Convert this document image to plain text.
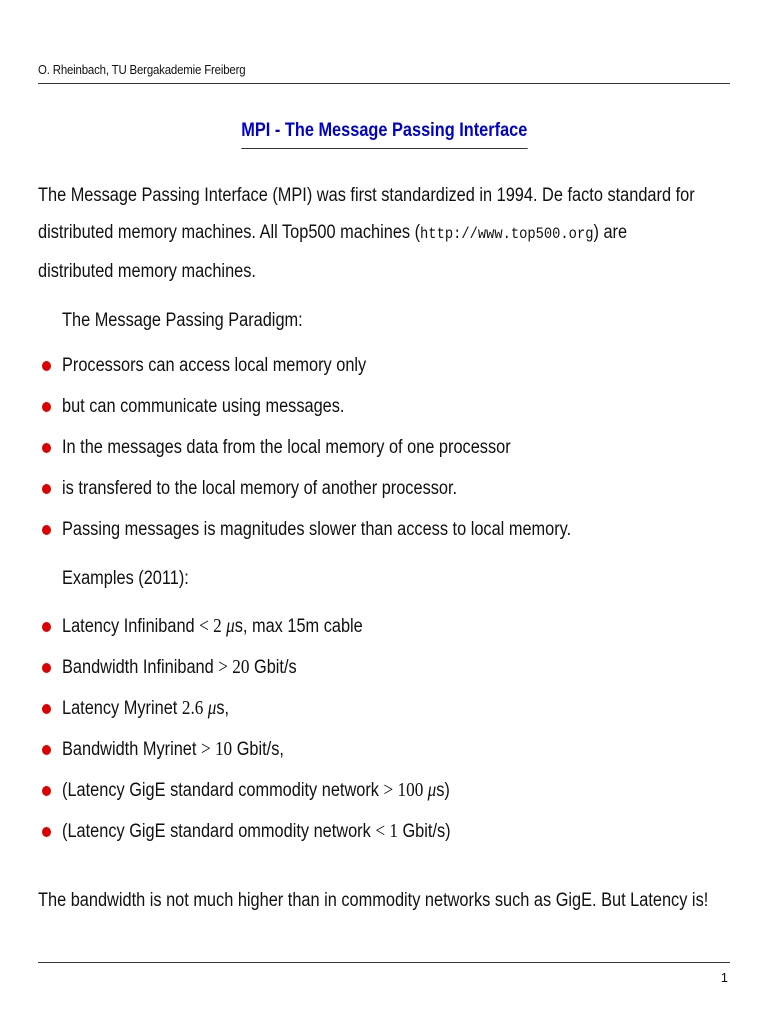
O. Rheinbach, TU Bergakademie Freiberg
MPI - The Message Passing Interface
The Message Passing Interface (MPI) was first standardized in 1994. De facto standard for
distributed memory machines. All Top500 machines (http://www.top500.org) are
distributed memory machines.
The Message Passing Paradigm:
Processors can access local memory only
but can communicate using messages.
In the messages data from the local memory of one processor
is transfered to the local memory of another processor.
Passing messages is magnitudes slower than access to local memory.
Examples (2011):
Latency Infiniband < 2 μs, max 15m cable
Bandwidth Infiniband > 20 Gbit/s
Latency Myrinet 2.6 μs,
Bandwidth Myrinet > 10 Gbit/s,
(Latency GigE standard commodity network > 100 μs)
(Latency GigE standard ommodity network < 1 Gbit/s)
The bandwidth is not much higher than in commodity networks such as GigE. But Latency is!
1
